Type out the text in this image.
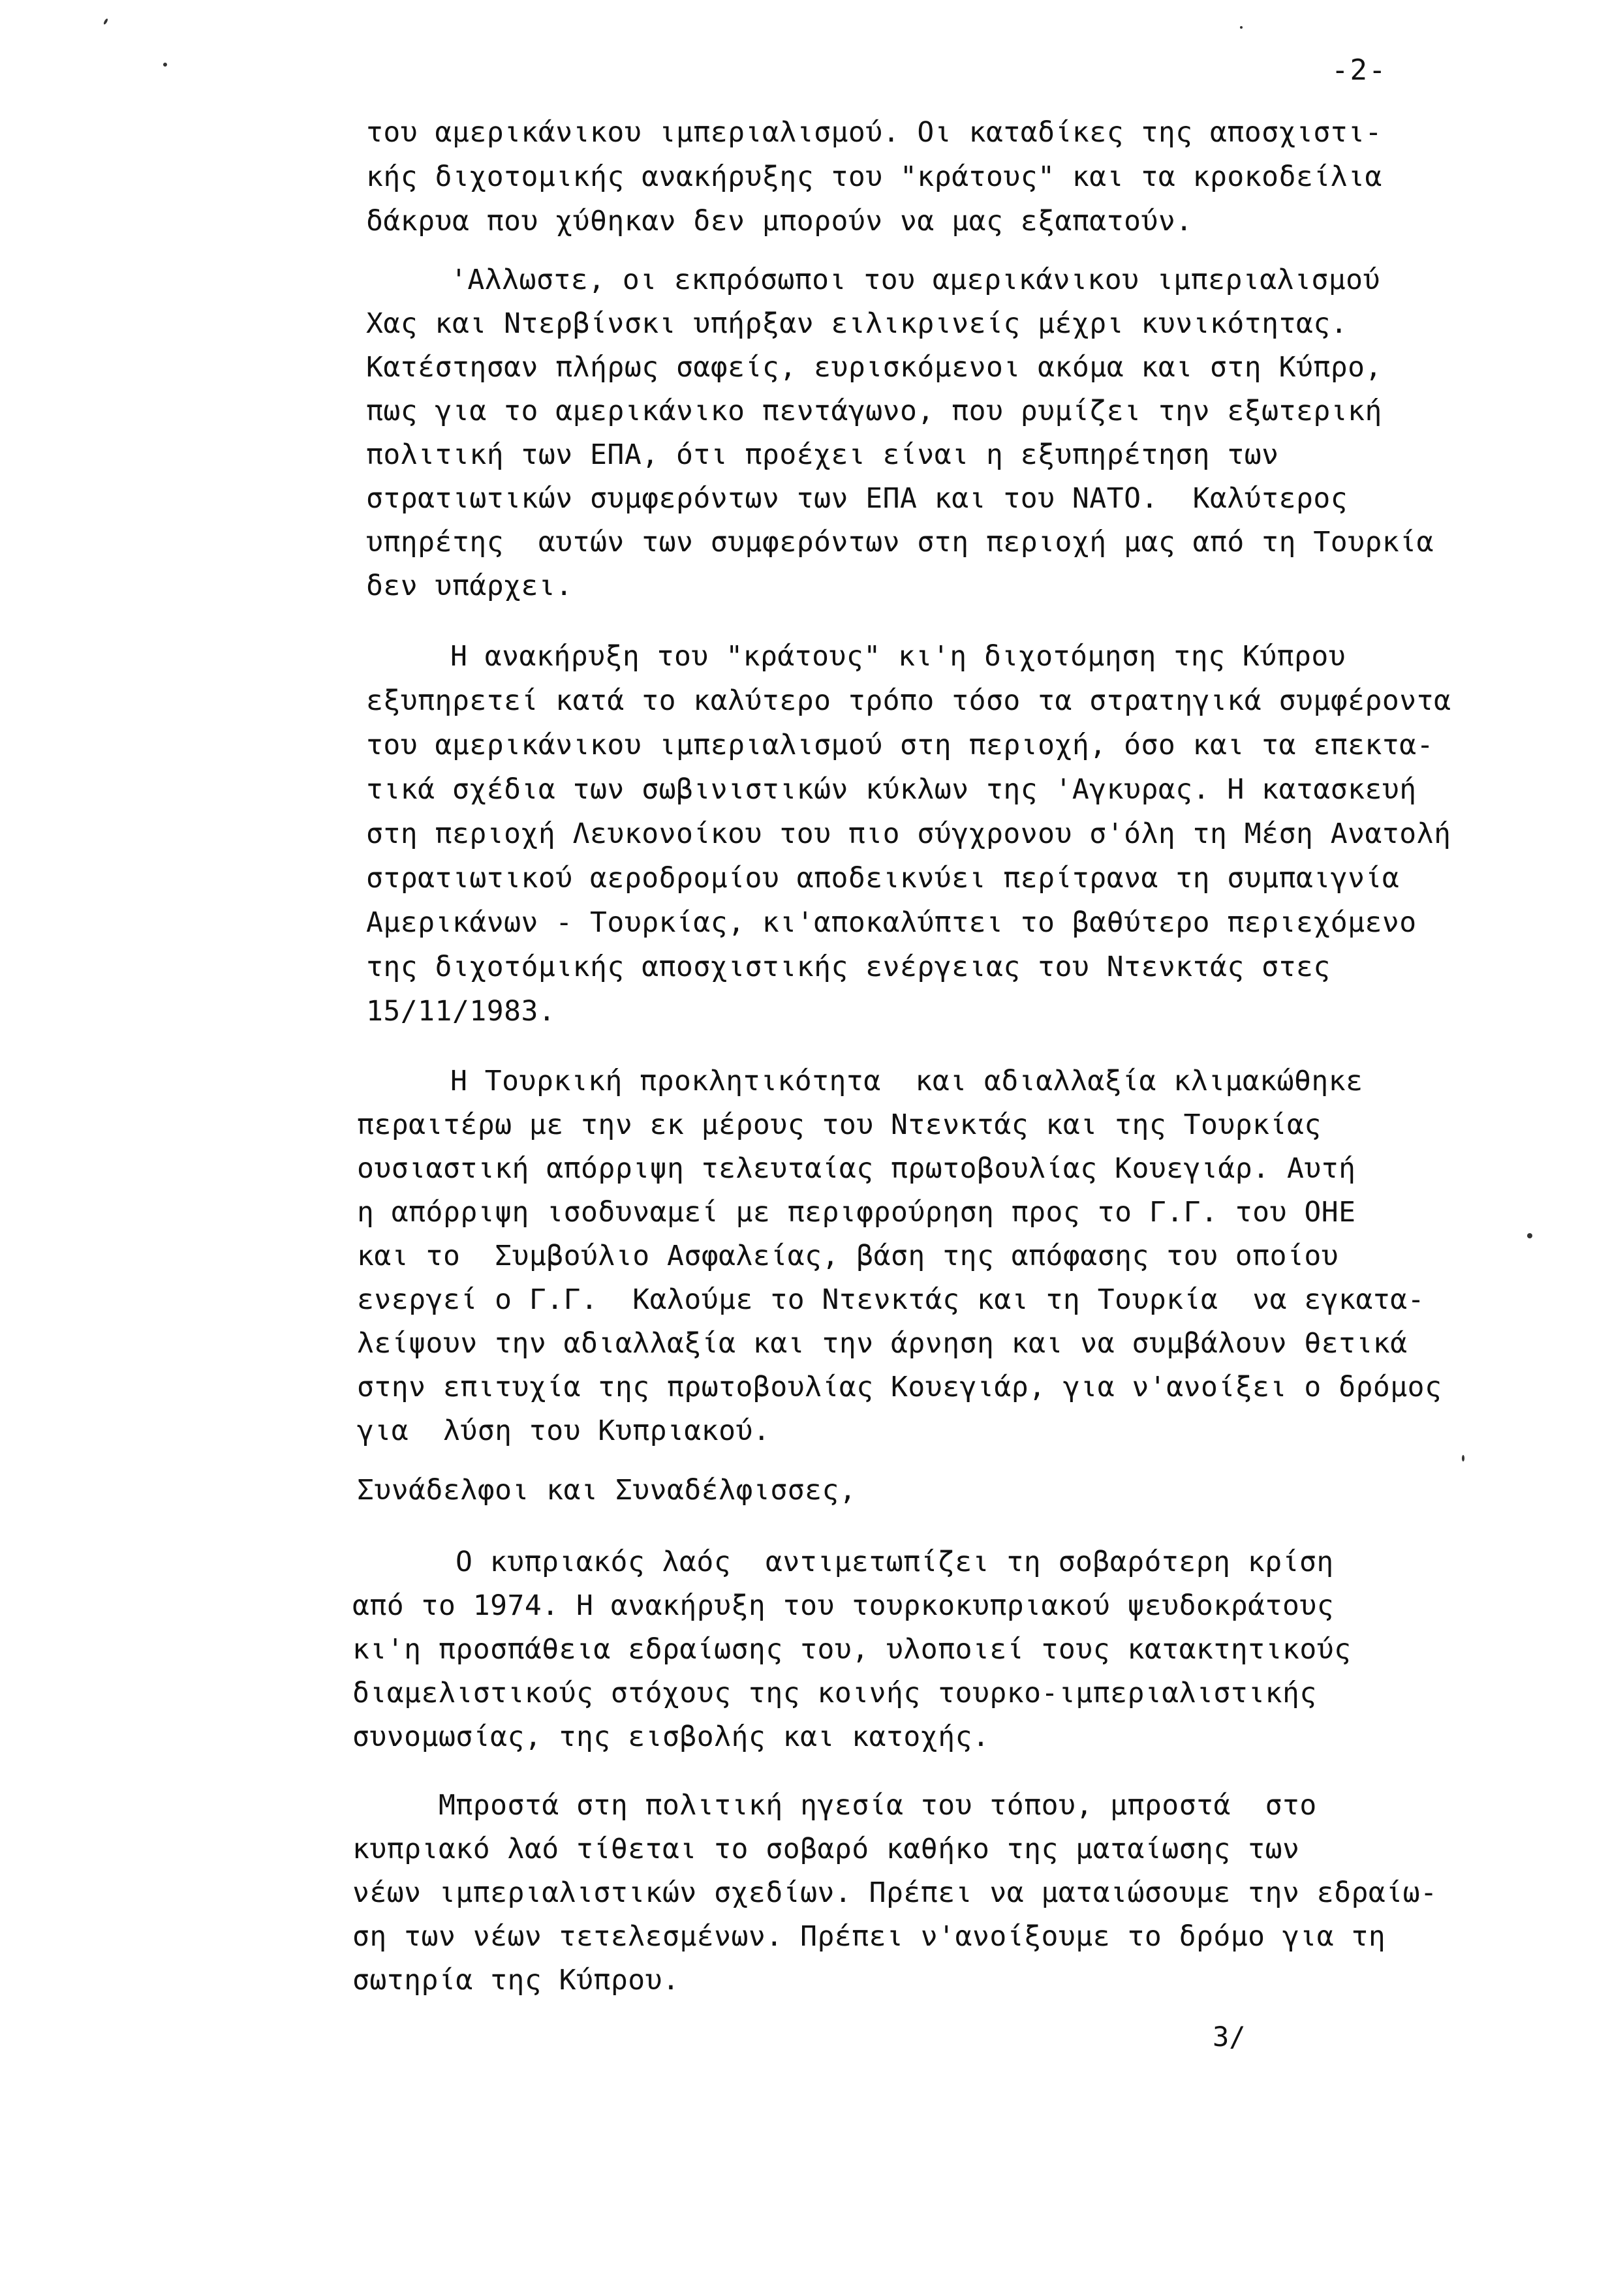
-2-
του αμερικάνικου ιμπεριαλισμού. Οι καταδίκες της αποσχιστι-
κής διχοτομικής ανακήρυξης του "κράτους" και τα κροκοδείλια
δάκρυα που χύθηκαν δεν μπορούν να μας εξαπατούν.
'Αλλωστε, οι εκπρόσωποι του αμερικάνικου ιμπεριαλισμού
Χας και Ντερβίνσκι υπήρξαν ειλικρινείς μέχρι κυνικότητας.
Κατέστησαν πλήρως σαφείς, ευρισκόμενοι ακόμα και στη Κύπρο,
πως για το αμερικάνικο πεντάγωνο, που ρυμίζει την εξωτερική
πολιτική των ΕΠΑ, ότι προέχει είναι η εξυπηρέτηση των
στρατιωτικών συμφερόντων των ΕΠΑ και του ΝΑΤΟ.  Καλύτερος
υπηρέτης  αυτών των συμφερόντων στη περιοχή μας από τη Τουρκία
δεν υπάρχει.
Η ανακήρυξη του "κράτους" κι'η διχοτόμηση της Κύπρου
εξυπηρετεί κατά το καλύτερο τρόπο τόσο τα στρατηγικά συμφέροντα
του αμερικάνικου ιμπεριαλισμού στη περιοχή, όσο και τα επεκτα-
τικά σχέδια των σωβινιστικών κύκλων της 'Αγκυρας. Η κατασκευή
στη περιοχή Λευκονοίκου του πιο σύγχρονου σ'όλη τη Μέση Ανατολή
στρατιωτικού αεροδρομίου αποδεικνύει περίτρανα τη συμπαιγνία
Αμερικάνων - Τουρκίας, κι'αποκαλύπτει το βαθύτερο περιεχόμενο
της διχοτόμικής αποσχιστικής ενέργειας του Ντενκτάς στες
15/11/1983.
Η Τουρκική προκλητικότητα  και αδιαλλαξία κλιμακώθηκε
περαιτέρω με την εκ μέρους του Ντενκτάς και της Τουρκίας
ουσιαστική απόρριψη τελευταίας πρωτοβουλίας Κουεγιάρ. Αυτή
η απόρριψη ισοδυναμεί με περιφρούρηση προς το Γ.Γ. του ΟΗΕ
και το  Συμβούλιο Ασφαλείας, βάση της απόφασης του οποίου
ενεργεί ο Γ.Γ.  Καλούμε το Ντενκτάς και τη Τουρκία  να εγκατα-
λείψουν την αδιαλλαξία και την άρνηση και να συμβάλουν θετικά
στην επιτυχία της πρωτοβουλίας Κουεγιάρ, για ν'ανοίξει ο δρόμος
για  λύση του Κυπριακού.
Συνάδελφοι και Συναδέλφισσες,
Ο κυπριακός λαός  αντιμετωπίζει τη σοβαρότερη κρίση
από το 1974. Η ανακήρυξη του τουρκοκυπριακού ψευδοκράτους
κι'η προσπάθεια εδραίωσης του, υλοποιεί τους κατακτητικούς
διαμελιστικούς στόχους της κοινής τουρκο-ιμπεριαλιστικής
συνομωσίας, της εισβολής και κατοχής.
Μπροστά στη πολιτική ηγεσία του τόπου, μπροστά  στο
κυπριακό λαό τίθεται το σοβαρό καθήκο της ματαίωσης των
νέων ιμπεριαλιστικών σχεδίων. Πρέπει να ματαιώσουμε την εδραίω-
ση των νέων τετελεσμένων. Πρέπει ν'ανοίξουμε το δρόμο για τη
σωτηρία της Κύπρου.
3/
